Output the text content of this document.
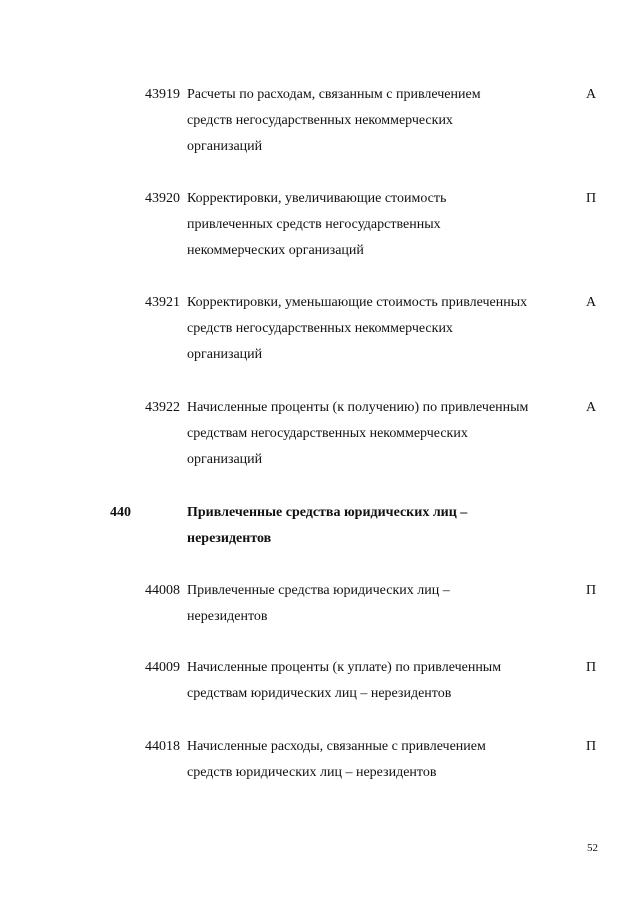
43919 Расчеты по расходам, связанным с привлечением
средств негосударственных некоммерческих
организаций
А
43920 Корректировки, увеличивающие стоимость
привлеченных средств негосударственных
некоммерческих организаций
П
43921 Корректировки, уменьшающие стоимость привлеченных
средств негосударственных некоммерческих
организаций
А
43922 Начисленные проценты (к получению) по привлеченным
средствам негосударственных некоммерческих
организаций
А
440	Привлеченные средства юридических лиц –
нерезидентов
44008 Привлеченные средства юридических лиц –
нерезидентов
П
44009 Начисленные проценты (к уплате) по привлеченным
средствам юридических лиц – нерезидентов
П
44018 Начисленные расходы, связанные с привлечением
средств юридических лиц – нерезидентов
П
52
